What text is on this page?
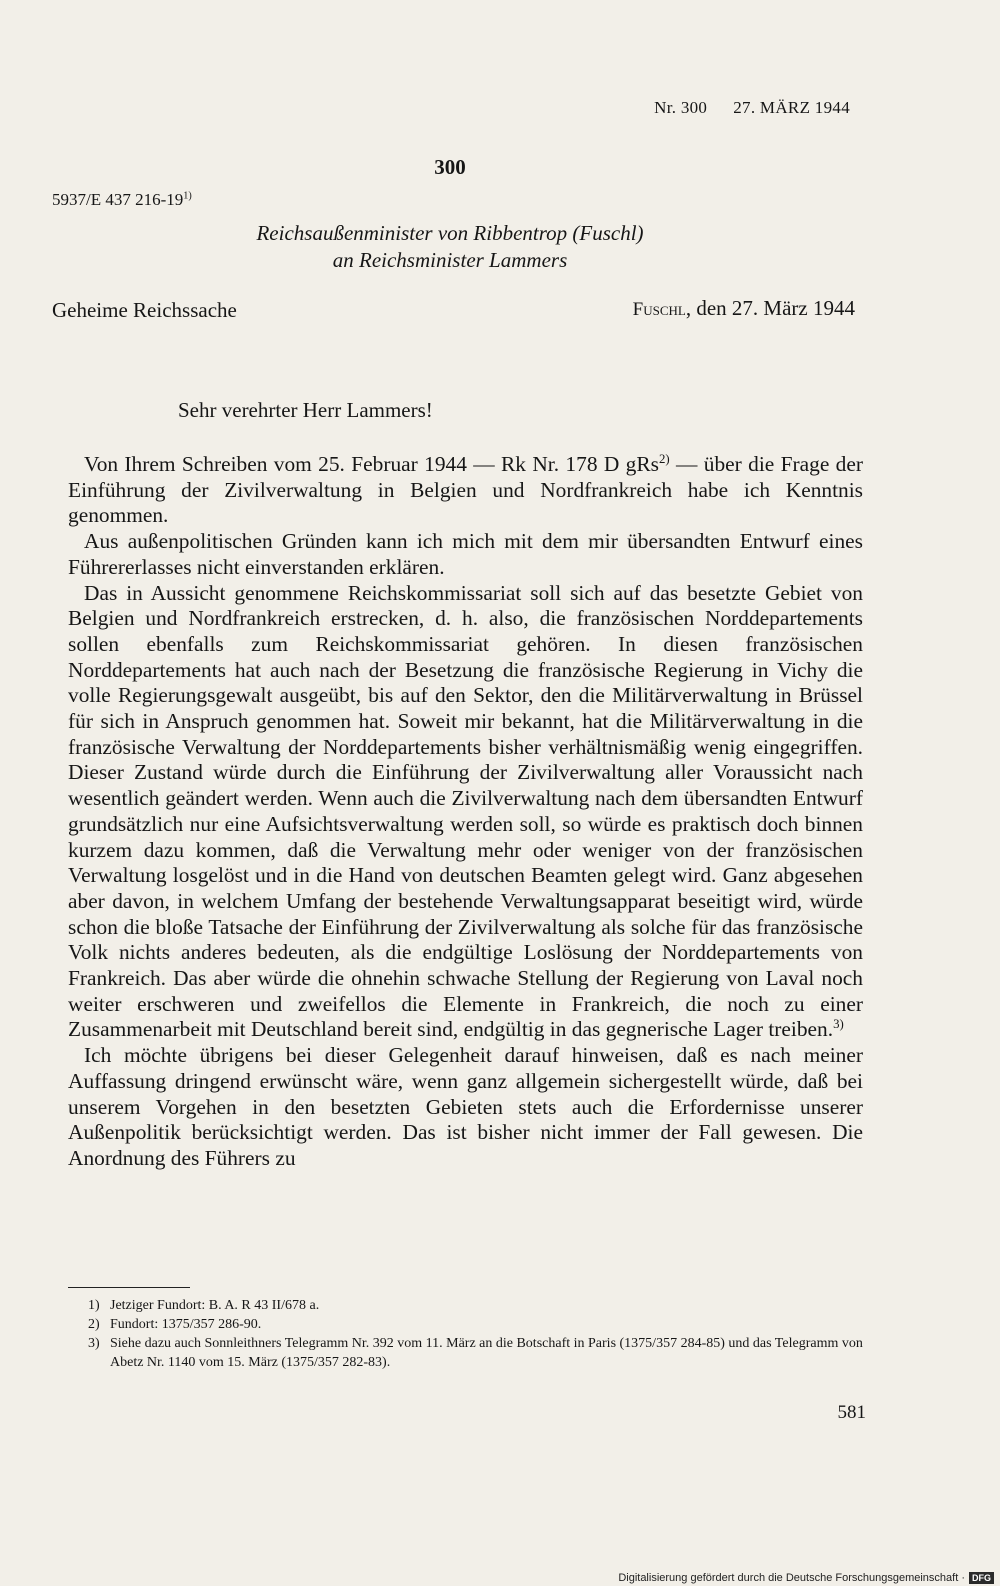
Nr. 300 27. MÄRZ 1944
300
5937/E 437 216-19$^{1)}$
Reichsaußenminister von Ribbentrop (Fuschl)
an Reichsminister Lammers
Geheime Reichssache	Fuschl, den 27. März 1944
Sehr verehrter Herr Lammers!

Von Ihrem Schreiben vom 25. Februar 1944 — Rk Nr. 178 D gRs$^{2)}$ — über die Frage der Einführung der Zivilverwaltung in Belgien und Nordfrankreich habe ich Kenntnis genommen.

Aus außenpolitischen Gründen kann ich mich mit dem mir übersandten Entwurf eines Führererlasses nicht einverstanden erklären.

Das in Aussicht genommene Reichskommissariat soll sich auf das besetzte Gebiet von Belgien und Nordfrankreich erstrecken, d. h. also, die französischen Norddepartements sollen ebenfalls zum Reichskommissariat gehören. In diesen französischen Norddepartements hat auch nach der Besetzung die französische Regierung in Vichy die volle Regierungsgewalt ausgeübt, bis auf den Sektor, den die Militärverwaltung in Brüssel für sich in Anspruch genommen hat. Soweit mir bekannt, hat die Militärverwaltung in die französische Verwaltung der Norddepartements bisher verhältnismäßig wenig eingegriffen. Dieser Zustand würde durch die Einführung der Zivilverwaltung aller Voraussicht nach wesentlich geändert werden. Wenn auch die Zivilverwaltung nach dem übersandten Entwurf grundsätzlich nur eine Aufsichtsverwaltung werden soll, so würde es praktisch doch binnen kurzem dazu kommen, daß die Verwaltung mehr oder weniger von der französischen Verwaltung losgelöst und in die Hand von deutschen Beamten gelegt wird. Ganz abgesehen aber davon, in welchem Umfang der bestehende Verwaltungsapparat beseitigt wird, würde schon die bloße Tatsache der Einführung der Zivilverwaltung als solche für das französische Volk nichts anderes bedeuten, als die endgültige Loslösung der Norddepartements von Frankreich. Das aber würde die ohnehin schwache Stellung der Regierung von Laval noch weiter erschweren und zweifellos die Elemente in Frankreich, die noch zu einer Zusammenarbeit mit Deutschland bereit sind, endgültig in das gegnerische Lager treiben.$^{3)}$

Ich möchte übrigens bei dieser Gelegenheit darauf hinweisen, daß es nach meiner Auffassung dringend erwünscht wäre, wenn ganz allgemein sichergestellt würde, daß bei unserem Vorgehen in den besetzten Gebieten stets auch die Erfordernisse unserer Außenpolitik berücksichtigt werden. Das ist bisher nicht immer der Fall gewesen. Die Anordnung des Führers zu

1) Jetziger Fundort: B. A. R 43 II/678 a.
2) Fundort: 1375/357 286-90.
3) Siehe dazu auch Sonnleithners Telegramm Nr. 392 vom 11. März an die Botschaft in Paris (1375/357 284-85) und das Telegramm von Abetz Nr. 1140 vom 15. März (1375/357 282-83).
581
Digitalisierung gefördert durch die Deutsche Forschungsgemeinschaft · DFG
